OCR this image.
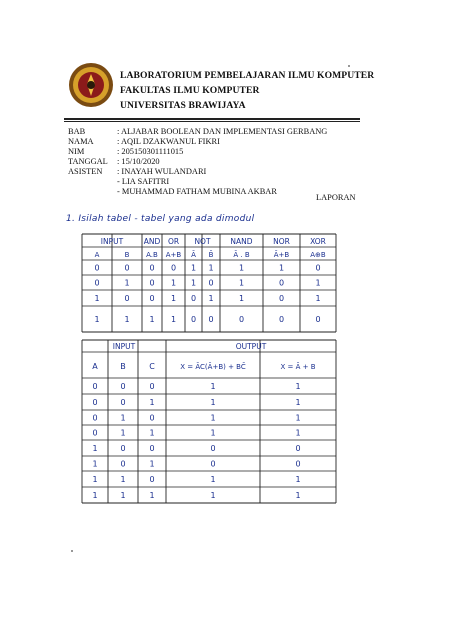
LABORATORIUM PEMBELAJARAN ILMU KOMPUTER
FAKULTAS ILMU KOMPUTER
UNIVERSITAS BRAWIJAYA
BAB	: ALJABAR BOOLEAN DAN IMPLEMENTASI GERBANG
NAMA	: AQIL DZAKWANUL FIKRI
NIM	: 205150301111015
TANGGAL : 15/10/2020
ASISTEN : INAYAH WULANDARI
- LIA SAFITRI
- MUHAMMAD FATHAM MUBINA AKBAR
LAPORAN
1. Isilah tabel - tabel yang ada dimodul
INPUT	AND OR NOT	NAND	NOR	XOR
A	B A.B A+B Ā B̄	Ā . B	Ā+B	A⊕B
0	0 0 0 1 1	1	1	0
0	1 0 1 1 0	1	0	1
1	0 0 1 0 1	1	0	1
1	1 1 1 0 0	0	0	0
INPUT	OUTPUT
A	B	C	X = ĀC(Ā+B) + BC̄	X = Ā + B
0	0	0	1	1
0	0	1	1	1
0	1	0	1	1
0	1	1	1	1
1	0	0	0	0
1	0	1	0	0
1	1	0	1	1
1	1	1	1	1
